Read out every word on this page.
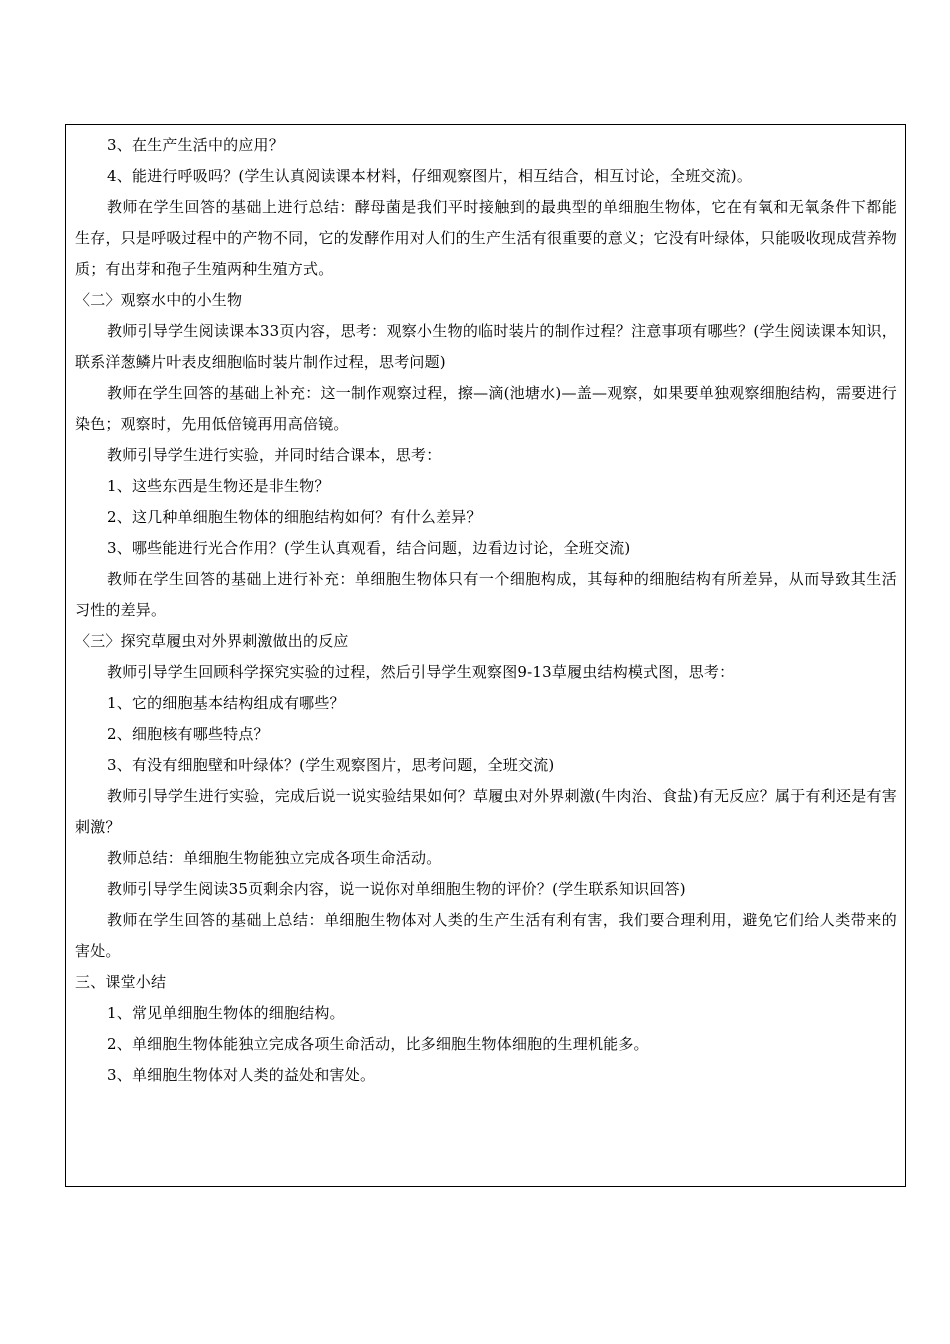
3、在生产生活中的应用？

4、能进行呼吸吗？(学生认真阅读课本材料，仔细观察图片，相互结合，相互讨论，全班交流)。

教师在学生回答的基础上进行总结：酵母菌是我们平时接触到的最典型的单细胞生物体，它在有氧和无氧条件下都能生存，只是呼吸过程中的产物不同，它的发酵作用对人们的生产生活有很重要的意义；它没有叶绿体，只能吸收现成营养物质；有出芽和孢子生殖两种生殖方式。

〈二〉观察水中的小生物

教师引导学生阅读课本33页内容，思考：观察小生物的临时装片的制作过程？注意事项有哪些？(学生阅读课本知识，联系洋葱鳞片叶表皮细胞临时装片制作过程，思考问题)

教师在学生回答的基础上补充：这一制作观察过程，擦—滴(池塘水)—盖—观察，如果要单独观察细胞结构，需要进行染色；观察时，先用低倍镜再用高倍镜。

教师引导学生进行实验，并同时结合课本，思考：

1、这些东西是生物还是非生物？

2、这几种单细胞生物体的细胞结构如何？有什么差异？

3、哪些能进行光合作用？(学生认真观看，结合问题，边看边讨论，全班交流)

教师在学生回答的基础上进行补充：单细胞生物体只有一个细胞构成，其每种的细胞结构有所差异，从而导致其生活习性的差异。

〈三〉探究草履虫对外界刺激做出的反应

教师引导学生回顾科学探究实验的过程，然后引导学生观察图9-13草履虫结构模式图，思考：

1、它的细胞基本结构组成有哪些？

2、细胞核有哪些特点？

3、有没有细胞壁和叶绿体？(学生观察图片，思考问题，全班交流)

教师引导学生进行实验，完成后说一说实验结果如何？草履虫对外界刺激(牛肉治、食盐)有无反应？属于有利还是有害刺激？

教师总结：单细胞生物能独立完成各项生命活动。

教师引导学生阅读35页剩余内容，说一说你对单细胞生物的评价？(学生联系知识回答)

教师在学生回答的基础上总结：单细胞生物体对人类的生产生活有利有害，我们要合理利用，避免它们给人类带来的害处。

三、课堂小结

1、常见单细胞生物体的细胞结构。

2、单细胞生物体能独立完成各项生命活动，比多细胞生物体细胞的生理机能多。

3、单细胞生物体对人类的益处和害处。
